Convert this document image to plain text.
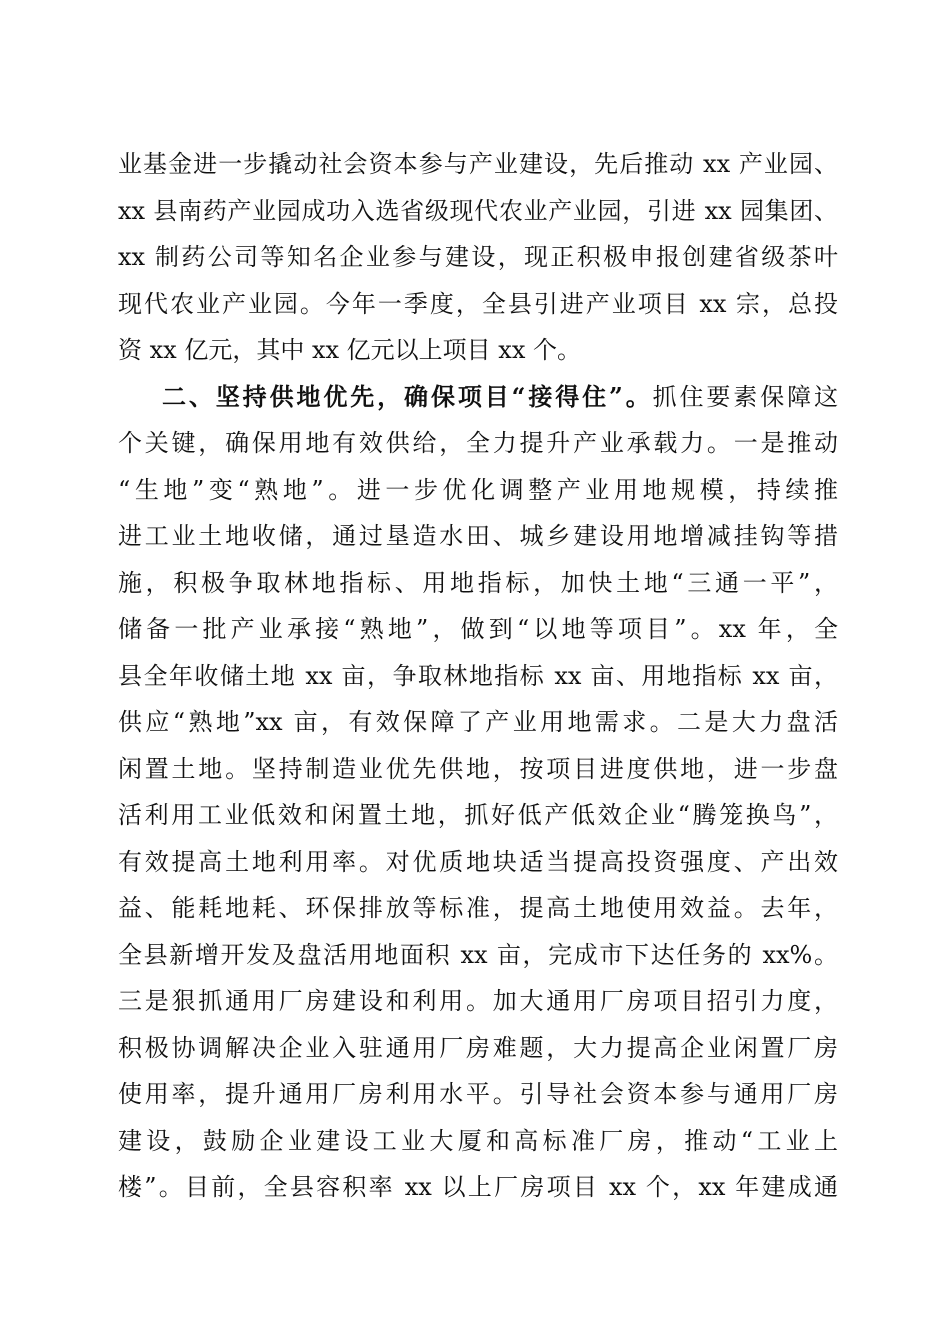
业基金进一步撬动社会资本参与产业建设，先后推动 xx 产业园、
xx 县南药产业园成功入选省级现代农业产业园，引进 xx 园集团、
xx 制药公司等知名企业参与建设，现正积极申报创建省级茶叶
现代农业产业园。今年一季度，全县引进产业项目 xx 宗，总投
资 xx 亿元，其中 xx 亿元以上项目 xx 个。
二、坚持供地优先，确保项目“接得住”。抓住要素保障这
个关键，确保用地有效供给，全力提升产业承载力。一是推动
“生地”变“熟地”。进一步优化调整产业用地规模，持续推
进工业土地收储，通过垦造水田、城乡建设用地增减挂钩等措
施，积极争取林地指标、用地指标，加快土地“三通一平”，
储备一批产业承接“熟地”，做到“以地等项目”。xx 年，全
县全年收储土地 xx 亩，争取林地指标 xx 亩、用地指标 xx 亩，
供应“熟地”xx 亩，有效保障了产业用地需求。二是大力盘活
闲置土地。坚持制造业优先供地，按项目进度供地，进一步盘
活利用工业低效和闲置土地，抓好低产低效企业“腾笼换鸟”，
有效提高土地利用率。对优质地块适当提高投资强度、产出效
益、能耗地耗、环保排放等标准，提高土地使用效益。去年，
全县新增开发及盘活用地面积 xx 亩，完成市下达任务的 xx%。
三是狠抓通用厂房建设和利用。加大通用厂房项目招引力度，
积极协调解决企业入驻通用厂房难题，大力提高企业闲置厂房
使用率，提升通用厂房利用水平。引导社会资本参与通用厂房
建设，鼓励企业建设工业大厦和高标准厂房，推动“工业上
楼”。目前，全县容积率 xx 以上厂房项目 xx 个，xx 年建成通
